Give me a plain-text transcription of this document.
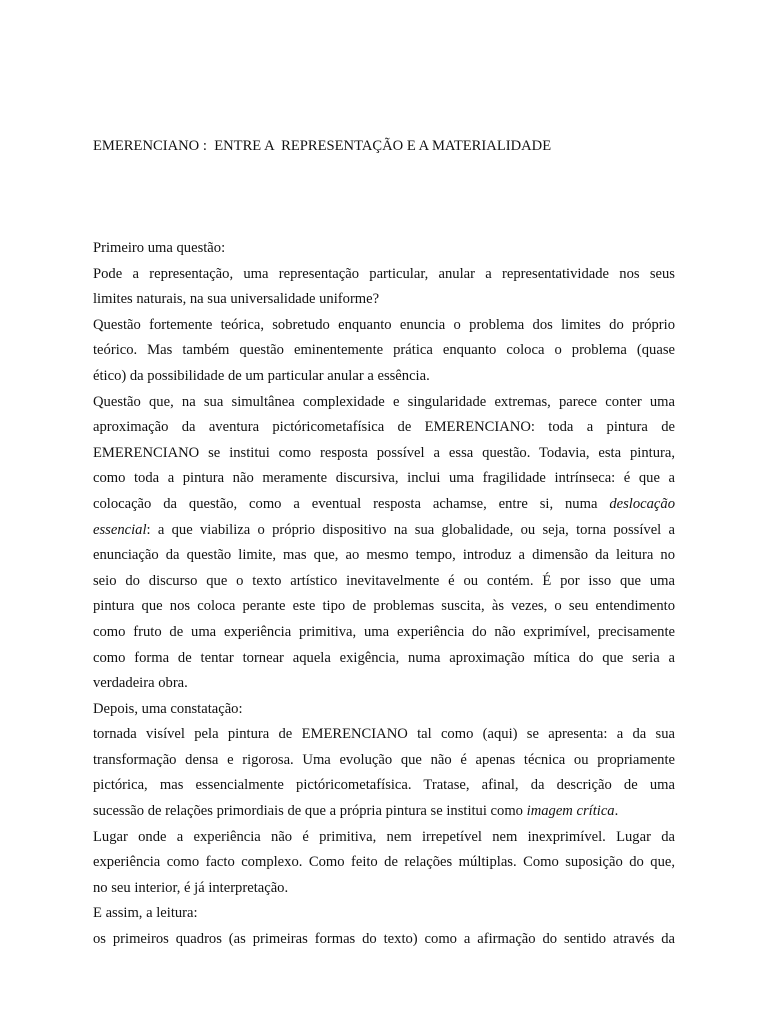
EMERENCIANO :  ENTRE A  REPRESENTAÇÃO E A MATERIALIDADE
Primeiro uma questão:
Pode a representação, uma representação particular, anular a representatividade nos seus
limites naturais, na sua universalidade uniforme?
Questão fortemente teórica, sobretudo enquanto enuncia o problema dos limites do próprio
teórico. Mas também questão eminentemente prática enquanto coloca o problema (quase
ético) da possibilidade de um particular anular a essência.
Questão que, na sua simultânea complexidade e singularidade extremas, parece conter uma
aproximação da aventura pictóricometafísica de EMERENCIANO: toda a pintura de
EMERENCIANO se institui como resposta possível a essa questão. Todavia, esta pintura,
como toda a pintura não meramente discursiva, inclui uma fragilidade intrínseca: é que a
colocação da questão, como a eventual resposta achamse, entre si, numa deslocação
essencial: a que viabiliza o próprio dispositivo na sua globalidade, ou seja, torna possível a
enunciação da questão limite, mas que, ao mesmo tempo, introduz a dimensão da leitura no
seio do discurso que o texto artístico inevitavelmente é ou contém. É por isso que uma
pintura que nos coloca perante este tipo de problemas suscita, às vezes, o seu entendimento
como fruto de uma experiência primitiva, uma experiência do não exprimível, precisamente
como forma de tentar tornear aquela exigência, numa aproximação mítica do que seria a
verdadeira obra.
Depois, uma constatação:
tornada visível pela pintura de EMERENCIANO tal como (aqui) se apresenta: a da sua
transformação densa e rigorosa. Uma evolução que não é apenas técnica ou propriamente
pictórica, mas essencialmente pictóricometafísica. Tratase, afinal, da descrição de uma
sucessão de relações primordiais de que a própria pintura se institui como imagem crítica.
Lugar onde a experiência não é primitiva, nem irrepetível nem inexprimível. Lugar da
experiência como facto complexo. Como feito de relações múltiplas. Como suposição do que,
no seu interior, é já interpretação.
E assim, a leitura:
os primeiros quadros (as primeiras formas do texto) como a afirmação do sentido através da
